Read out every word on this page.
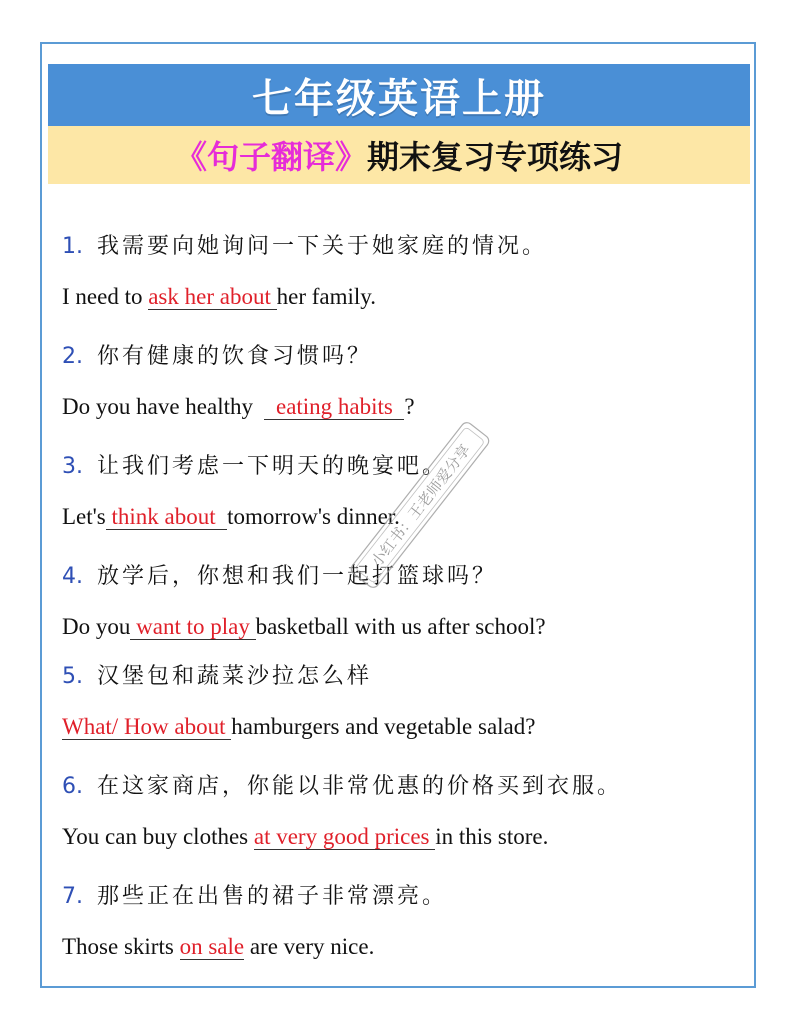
七年级英语上册
《 句子翻译 》 期末复习专项练习
1. 我需要向她询问一下关于她家庭的情况。
I need to ask her about her family.
2. 你有健康的饮食习惯吗？
Do you have healthy    eating habits  ?
3. 让我们考虑一下明天的晚宴吧。
Let's think about  tomorrow's dinner.
4. 放学后，你想和我们一起打篮球吗？
Do you want to play basketball with us after school?
5. 汉堡包和蔬菜沙拉怎么样
What/ How about hamburgers and vegetable salad?
6. 在这家商店，你能以非常优惠的价格买到衣服。
You can buy clothes at very good prices in this store.
7. 那些正在出售的裙子非常漂亮。
Those skirts on sale are very nice.
小红书：王老师爱分享
